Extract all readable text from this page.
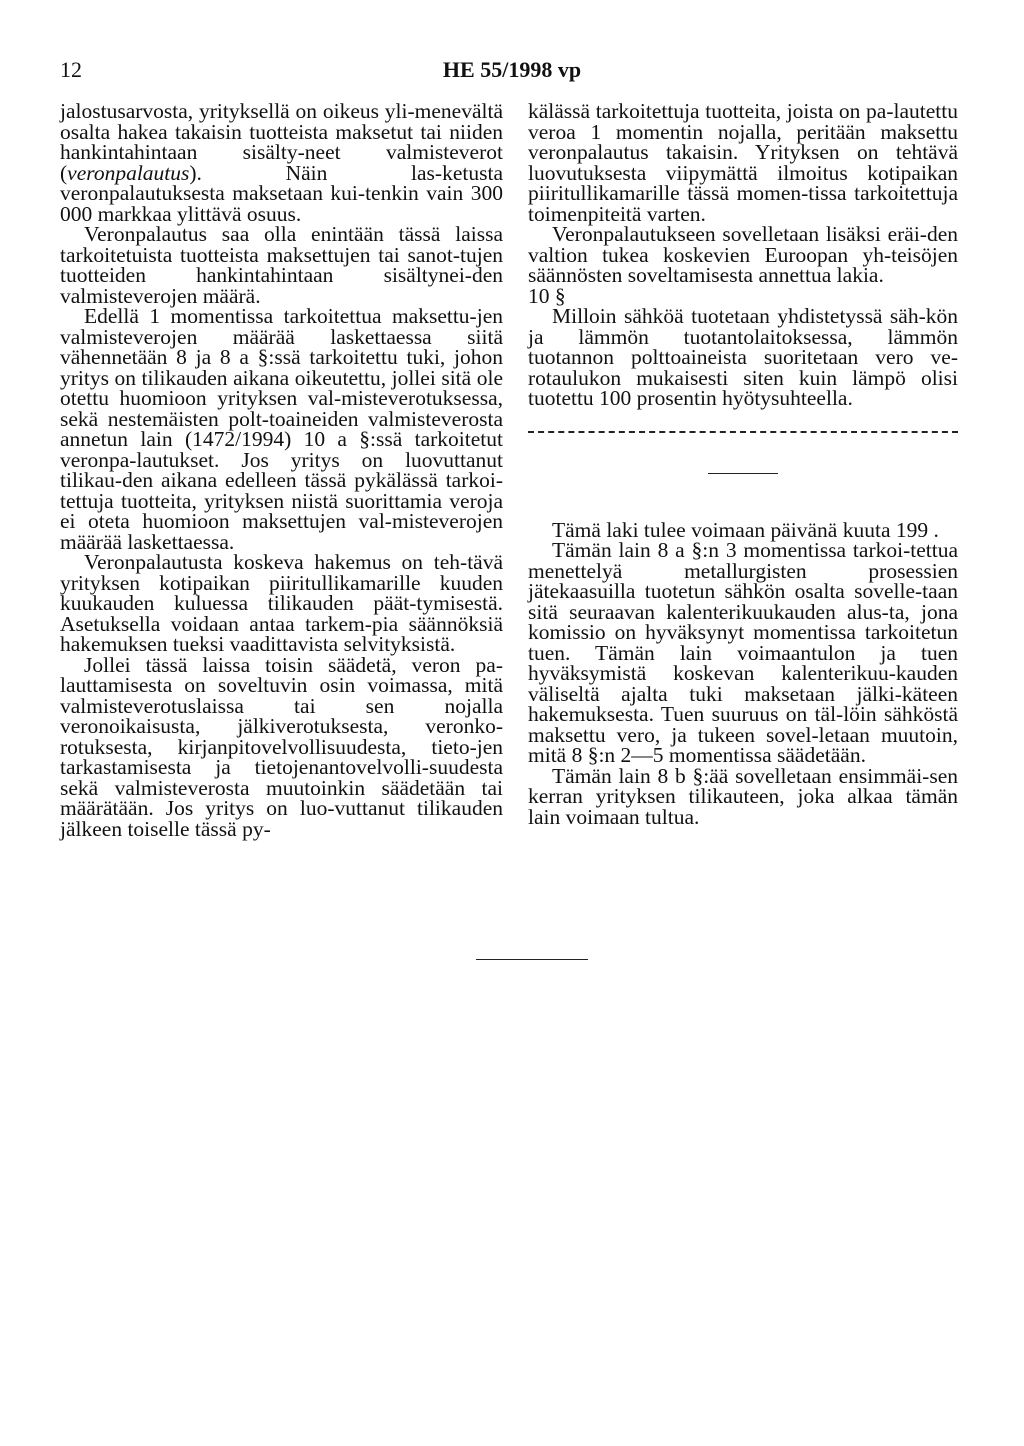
12	HE 55/1998 vp

jalostusarvosta, yrityksellä on oikeus yli-menevältä osalta hakea takaisin tuotteista maksetut tai niiden hankintahintaan sisälty-neet valmisteverot (veronpalautus). Näin las-ketusta veronpalautuksesta maksetaan kui-tenkin vain 300 000 markkaa ylittävä osuus.

Veronpalautus saa olla enintään tässä laissa tarkoitetuista tuotteista maksettujen tai sanot-tujen tuotteiden hankintahintaan sisältynei-den valmisteverojen määrä.

Edellä 1 momentissa tarkoitettua maksettu-jen valmisteverojen määrää laskettaessa siitä vähennetään 8 ja 8 a §:ssä tarkoitettu tuki, johon yritys on tilikauden aikana oikeutettu, jollei sitä ole otettu huomioon yrityksen val-misteverotuksessa, sekä nestemäisten polt-toaineiden valmisteverosta annetun lain (1472/1994) 10 a §:ssä tarkoitetut veronpa-lautukset. Jos yritys on luovuttanut tilikau-den aikana edelleen tässä pykälässä tarkoi-tettuja tuotteita, yrityksen niistä suorittamia veroja ei oteta huomioon maksettujen val-misteverojen määrää laskettaessa.

Veronpalautusta koskeva hakemus on teh-tävä yrityksen kotipaikan piiritullikamarille kuuden kuukauden kuluessa tilikauden päät-tymisestä. Asetuksella voidaan antaa tarkem-pia säännöksiä hakemuksen tueksi vaadittavista selvityksistä.

Jollei tässä laissa toisin säädetä, veron pa-lauttamisesta on soveltuvin osin voimassa, mitä valmisteverotuslaissa tai sen nojalla veronoikaisusta, jälkiverotuksesta, veronko-rotuksesta, kirjanpitovelvollisuudesta, tieto-jen tarkastamisesta ja tietojenantovelvolli-suudesta sekä valmisteverosta muutoinkin säädetään tai määrätään. Jos yritys on luo-vuttanut tilikauden jälkeen toiselle tässä py-

kälässä tarkoitettuja tuotteita, joista on pa-lautettu veroa 1 momentin nojalla, peritään maksettu veronpalautus takaisin. Yrityksen on tehtävä luovutuksesta viipymättä ilmoitus kotipaikan piiritullikamarille tässä momen-tissa tarkoitettuja toimenpiteitä varten.

Veronpalautukseen sovelletaan lisäksi eräi-den valtion tukea koskevien Euroopan yh-teisöjen säännösten soveltamisesta annettua lakia.

10 §

Milloin sähköä tuotetaan yhdistetyssä säh-kön ja lämmön tuotantolaitoksessa, lämmön tuotannon polttoaineista suoritetaan vero ve-rotaulukon mukaisesti siten kuin lämpö olisi tuotettu 100 prosentin hyötysuhteella.

Tämä laki tulee voimaan päivänä kuuta 199 .

Tämän lain 8 a §:n 3 momentissa tarkoi-tettua menettelyä metallurgisten prosessien jätekaasuilla tuotetun sähkön osalta sovelle-taan sitä seuraavan kalenterikuukauden alus-ta, jona komissio on hyväksynyt momentissa tarkoitetun tuen. Tämän lain voimaantulon ja tuen hyväksymistä koskevan kalenterikuu-kauden väliseltä ajalta tuki maksetaan jälki-käteen hakemuksesta. Tuen suuruus on täl-löin sähköstä maksettu vero, ja tukeen sovel-letaan muutoin, mitä 8 §:n 2—5 momentissa säädetään.

Tämän lain 8 b §:ää sovelletaan ensimmäi-sen kerran yrityksen tilikauteen, joka alkaa tämän lain voimaan tultua.
